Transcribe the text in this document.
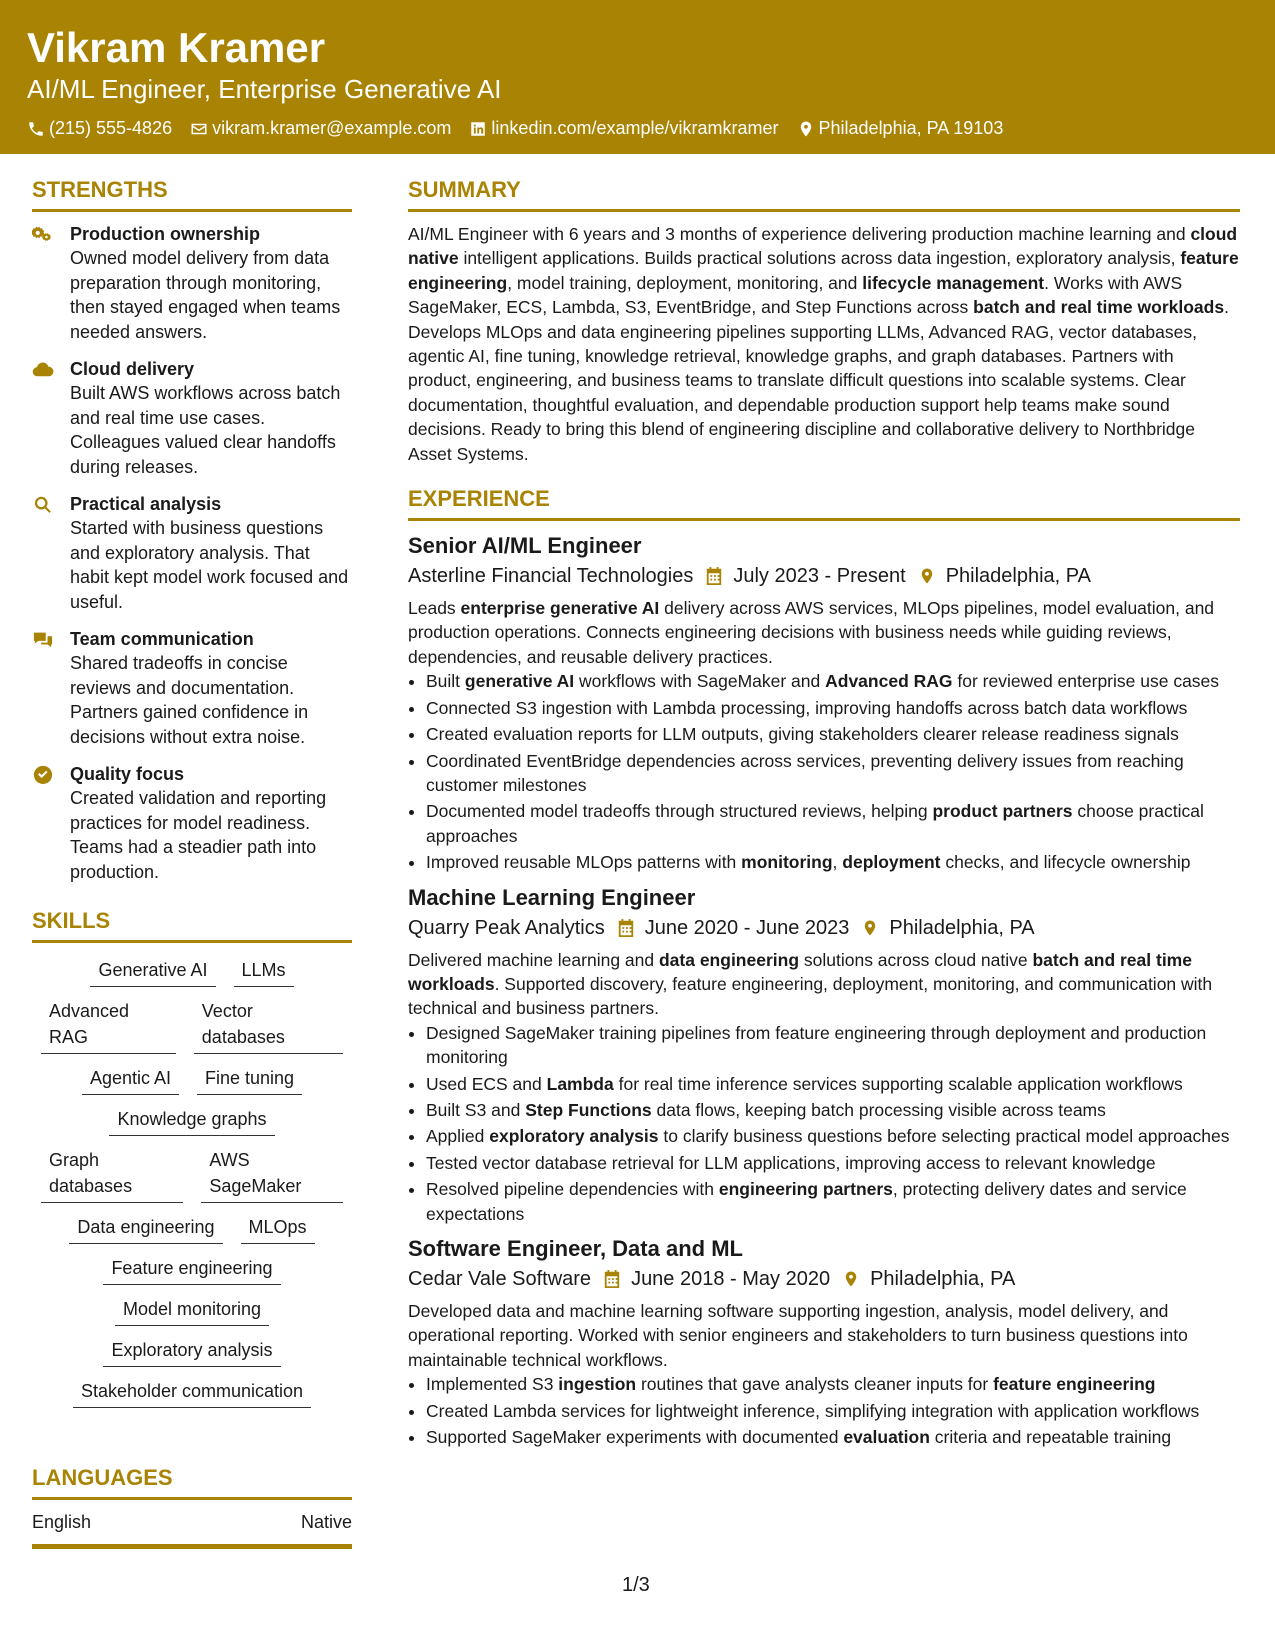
Vikram Kramer
AI/ML Engineer, Enterprise Generative AI
(215) 555-4826 vikram.kramer@example.com linkedin.com/example/vikramkramer Philadelphia, PA 19103
STRENGTHS
Production ownership
Owned model delivery from data preparation through monitoring, then stayed engaged when teams needed answers.
Cloud delivery
Built AWS workflows across batch and real time use cases. Colleagues valued clear handoffs during releases.
Practical analysis
Started with business questions and exploratory analysis. That habit kept model work focused and useful.
Team communication
Shared tradeoffs in concise reviews and documentation. Partners gained confidence in decisions without extra noise.
Quality focus
Created validation and reporting practices for model readiness. Teams had a steadier path into production.
SKILLS
Generative AI	LLMs
Advanced RAG
Vector databases
Agentic AI	Fine tuning
Knowledge graphs
Graph databases
AWS SageMaker
Data engineering	MLOps
Feature engineering
Model monitoring
Exploratory analysis
Stakeholder communication
LANGUAGES
English	Native
SUMMARY
AI/ML Engineer with 6 years and 3 months of experience delivering production machine learning and cloud native intelligent applications. Builds practical solutions across data ingestion, exploratory analysis, feature engineering, model training, deployment, monitoring, and lifecycle management. Works with AWS SageMaker, ECS, Lambda, S3, EventBridge, and Step Functions across batch and real time workloads. Develops MLOps and data engineering pipelines supporting LLMs, Advanced RAG, vector databases, agentic AI, fine tuning, knowledge retrieval, knowledge graphs, and graph databases. Partners with product, engineering, and business teams to translate difficult questions into scalable systems. Clear documentation, thoughtful evaluation, and dependable production support help teams make sound decisions. Ready to bring this blend of engineering discipline and collaborative delivery to Northbridge Asset Systems.
EXPERIENCE
Senior AI/ML Engineer
Asterline Financial Technologies July 2023 - Present Philadelphia, PA
Leads enterprise generative AI delivery across AWS services, MLOps pipelines, model evaluation, and production operations. Connects engineering decisions with business needs while guiding reviews, dependencies, and reusable delivery practices.
• Built generative AI workflows with SageMaker and Advanced RAG for reviewed enterprise use cases
• Connected S3 ingestion with Lambda processing, improving handoffs across batch data workflows
• Created evaluation reports for LLM outputs, giving stakeholders clearer release readiness signals
• Coordinated EventBridge dependencies across services, preventing delivery issues from reaching customer milestones
• Documented model tradeoffs through structured reviews, helping product partners choose practical approaches
• Improved reusable MLOps patterns with monitoring, deployment checks, and lifecycle ownership
Machine Learning Engineer
Quarry Peak Analytics June 2020 - June 2023 Philadelphia, PA
Delivered machine learning and data engineering solutions across cloud native batch and real time workloads. Supported discovery, feature engineering, deployment, monitoring, and communication with technical and business partners.
• Designed SageMaker training pipelines from feature engineering through deployment and production monitoring
• Used ECS and Lambda for real time inference services supporting scalable application workflows
• Built S3 and Step Functions data flows, keeping batch processing visible across teams
• Applied exploratory analysis to clarify business questions before selecting practical model approaches
• Tested vector database retrieval for LLM applications, improving access to relevant knowledge
• Resolved pipeline dependencies with engineering partners, protecting delivery dates and service expectations
Software Engineer, Data and ML
Cedar Vale Software June 2018 - May 2020 Philadelphia, PA
Developed data and machine learning software supporting ingestion, analysis, model delivery, and operational reporting. Worked with senior engineers and stakeholders to turn business questions into maintainable technical workflows.
• Implemented S3 ingestion routines that gave analysts cleaner inputs for feature engineering
• Created Lambda services for lightweight inference, simplifying integration with application workflows
• Supported SageMaker experiments with documented evaluation criteria and repeatable training
1/3
